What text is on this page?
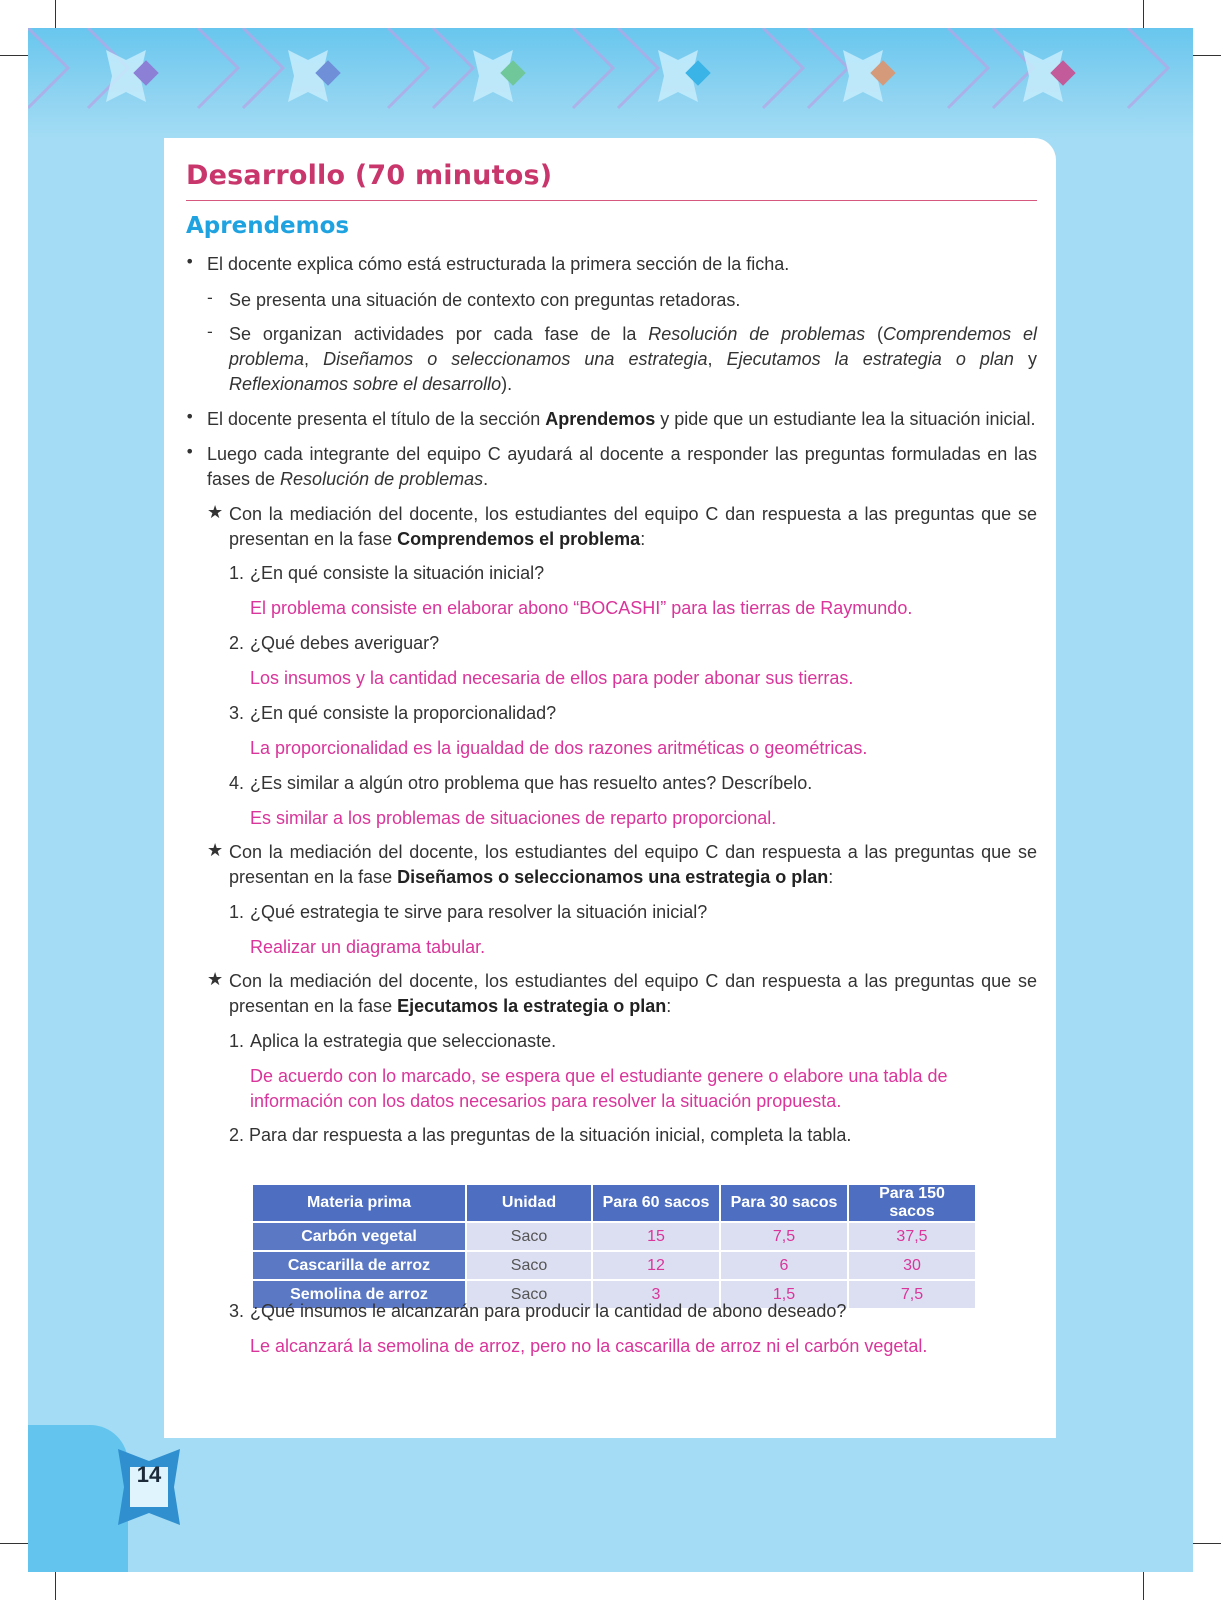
14
Desarrollo (70 minutos)
Aprendemos
• El docente explica cómo está estructurada la primera sección de la ficha.
- Se presenta una situación de contexto con preguntas retadoras.
- Se organizan actividades por cada fase de la Resolución de problemas (Comprendemos el problema, Diseñamos o seleccionamos una estrategia, Ejecutamos la estrategia o plan y Reflexionamos sobre el desarrollo).
• El docente presenta el título de la sección Aprendemos y pide que un estudiante lea la situación inicial.
• Luego cada integrante del equipo C ayudará al docente a responder las preguntas formuladas en las fases de Resolución de problemas.
★ Con la mediación del docente, los estudiantes del equipo C dan respuesta a las preguntas que se presentan en la fase Comprendemos el problema:
1. ¿En qué consiste la situación inicial?
El problema consiste en elaborar abono “BOCASHI” para las tierras de Raymundo.
2. ¿Qué debes averiguar?
Los insumos y la cantidad necesaria de ellos para poder abonar sus tierras.
3. ¿En qué consiste la proporcionalidad?
La proporcionalidad es la igualdad de dos razones aritméticas o geométricas.
4. ¿Es similar a algún otro problema que has resuelto antes? Descríbelo.
Es similar a los problemas de situaciones de reparto proporcional.
★ Con la mediación del docente, los estudiantes del equipo C dan respuesta a las preguntas que se presentan en la fase Diseñamos o seleccionamos una estrategia o plan:
1. ¿Qué estrategia te sirve para resolver la situación inicial?
Realizar un diagrama tabular.
★ Con la mediación del docente, los estudiantes del equipo C dan respuesta a las preguntas que se presentan en la fase Ejecutamos la estrategia o plan:
1. Aplica la estrategia que seleccionaste.
De acuerdo con lo marcado, se espera que el estudiante genere o elabore una tabla de información con los datos necesarios para resolver la situación propuesta.
2. Para dar respuesta a las preguntas de la situación inicial, completa la tabla.
Materia prima	Unidad	Para 60 sacos	Para 30 sacos	Para 150 sacos
Carbón vegetal	Saco	15	7,5	37,5
Cascarilla de arroz	Saco	12	6	30
Semolina de arroz	Saco	3	1,5	7,5
3. ¿Qué insumos le alcanzarán para producir la cantidad de abono deseado?
Le alcanzará la semolina de arroz, pero no la cascarilla de arroz ni el carbón vegetal.
